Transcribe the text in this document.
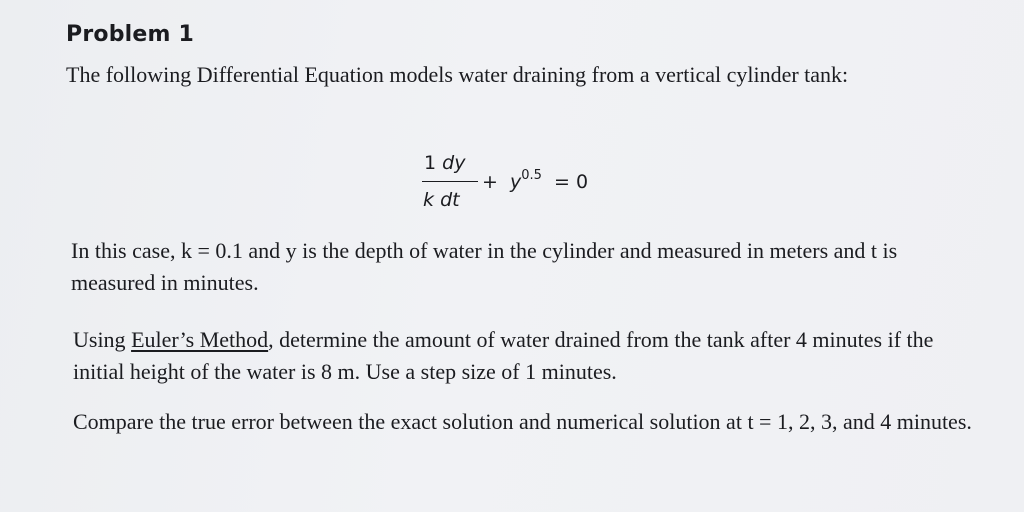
Problem 1

The following Differential Equation models water draining from a vertical cylinder tank:

1 dy
k dt
+ $y^{0.5} = 0$

In this case, k = 0.1 and y is the depth of water in the cylinder and measured in meters and t is measured in minutes.

Using Euler’s Method, determine the amount of water drained from the tank after 4 minutes if the initial height of the water is 8 m. Use a step size of 1 minutes.

Compare the true error between the exact solution and numerical solution at t = 1, 2, 3, and 4 minutes.
